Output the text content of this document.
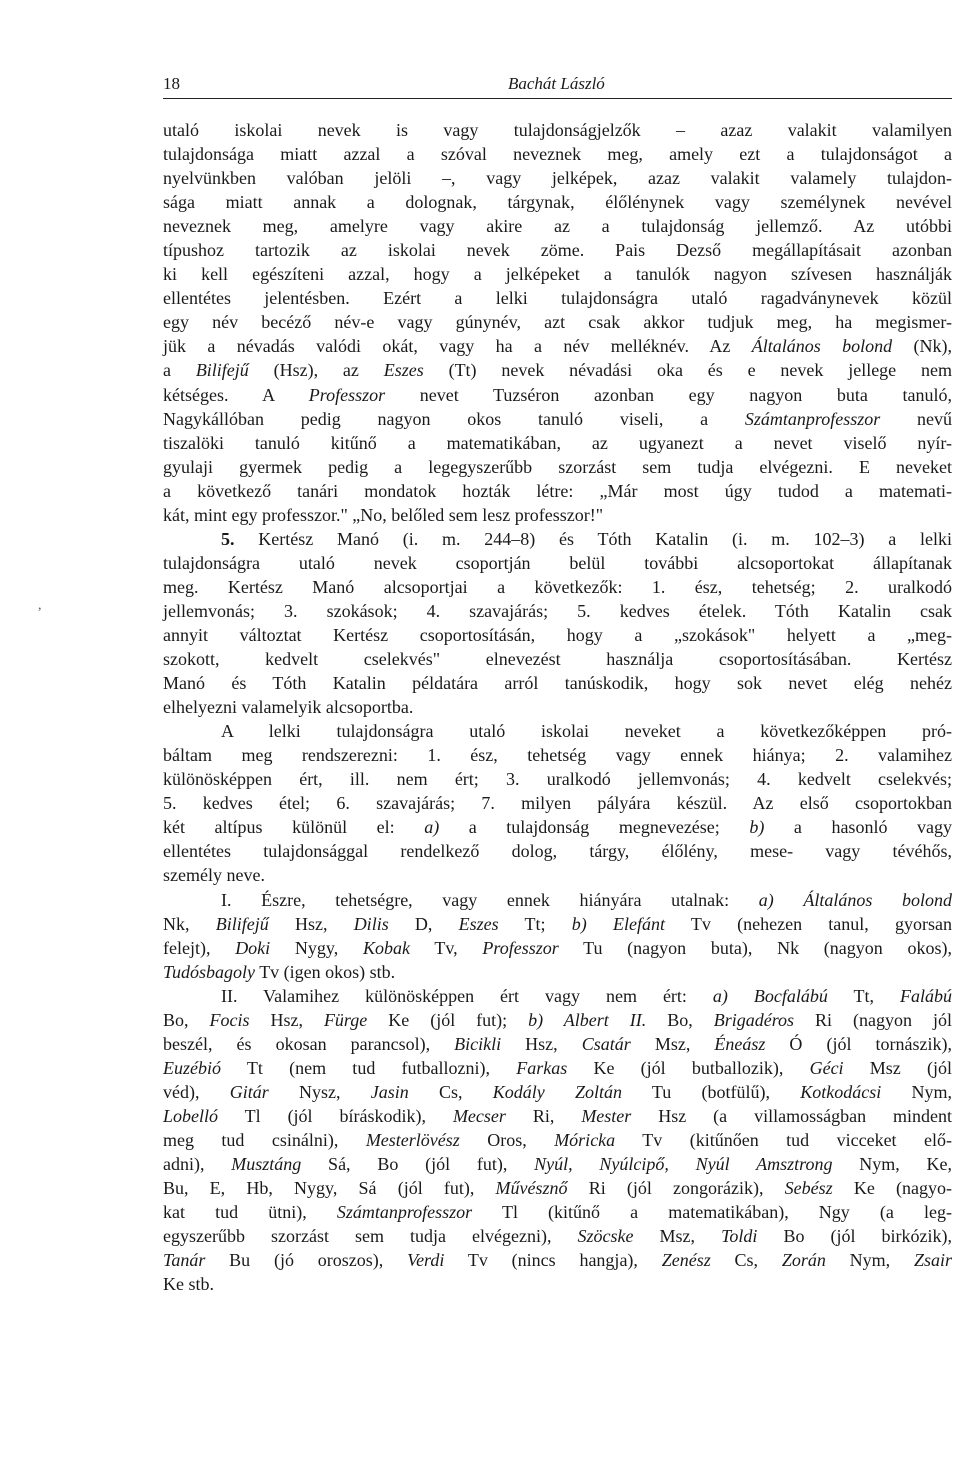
18	Bachát László
utaló iskolai nevek is vagy tulajdonságjelzők – azaz valakit valamilyen
tulajdonsága miatt azzal a szóval neveznek meg, amely ezt a tulajdonságot a
nyelvünkben valóban jelöli –, vagy jelképek, azaz valakit valamely tulajdon-
sága miatt annak a dolognak, tárgynak, élőlénynek vagy személynek nevével
neveznek meg, amelyre vagy akire az a tulajdonság jellemző. Az utóbbi
típushoz tartozik az iskolai nevek zöme. Pais Dezső megállapításait azonban
ki kell egészíteni azzal, hogy a jelképeket a tanulók nagyon szívesen használják
ellentétes jelentésben. Ezért a lelki tulajdonságra utaló ragadványnevek közül
egy név becéző név-e vagy gúnynév, azt csak akkor tudjuk meg, ha megismer-
jük a névadás valódi okát, vagy ha a név melléknév. Az Általános bolond (Nk),
a Bilifejű (Hsz), az Eszes (Tt) nevek névadási oka és e nevek jellege nem
kétséges. A Professzor nevet Tuzséron azonban egy nagyon buta tanuló,
Nagykállóban pedig nagyon okos tanuló viseli, a Számtanprofesszor nevű
tiszalöki tanuló kitűnő a matematikában, az ugyanezt a nevet viselő nyír-
gyulaji gyermek pedig a legegyszerűbb szorzást sem tudja elvégezni. E neveket
a következő tanári mondatok hozták létre: „Már most úgy tudod a matemati-
kát, mint egy professzor." „No, belőled sem lesz professzor!"
5. Kertész Manó (i. m. 244–8) és Tóth Katalin (i. m. 102–3) a lelki
tulajdonságra utaló nevek csoportján belül további alcsoportokat állapítanak
meg. Kertész Manó alcsoportjai a következők: 1. ész, tehetség; 2. uralkodó
jellemvonás; 3. szokások; 4. szavajárás; 5. kedves ételek. Tóth Katalin csak
annyit változtat Kertész csoportosításán, hogy a „szokások" helyett a „meg-
szokott, kedvelt cselekvés" elnevezést használja csoportosításában. Kertész
Manó és Tóth Katalin példatára arról tanúskodik, hogy sok nevet elég nehéz
elhelyezni valamelyik alcsoportba.
A lelki tulajdonságra utaló iskolai neveket a következőképpen pró-
báltam meg rendszerezni: 1. ész, tehetség vagy ennek hiánya; 2. valamihez
különösképpen ért, ill. nem ért; 3. uralkodó jellemvonás; 4. kedvelt cselekvés;
5. kedves étel; 6. szavajárás; 7. milyen pályára készül. Az első csoportokban
két altípus különül el: a) a tulajdonság megnevezése; b) a hasonló vagy
ellentétes tulajdonsággal rendelkező dolog, tárgy, élőlény, mese- vagy tévéhős,
személy neve.
I. Észre, tehetségre, vagy ennek hiányára utalnak: a) Általános bolond
Nk, Bilifejű Hsz, Dilis D, Eszes Tt; b) Elefánt Tv (nehezen tanul, gyorsan
felejt), Doki Nygy, Kobak Tv, Professzor Tu (nagyon buta), Nk (nagyon okos),
Tudósbagoly Tv (igen okos) stb.
II. Valamihez különösképpen ért vagy nem ért: a) Bocfalábú Tt, Falábú
Bo, Focis Hsz, Fürge Ke (jól fut); b) Albert II. Bo, Brigadéros Ri (nagyon jól
beszél, és okosan parancsol), Bicikli Hsz, Csatár Msz, Éneász Ó (jól tornászik),
Euzébió Tt (nem tud futballozni), Farkas Ke (jól butballozik), Géci Msz (jól
véd), Gitár Nysz, Jasin Cs, Kodály Zoltán Tu (botfülű), Kotkodácsi Nym,
Lobelló Tl (jól bíráskodik), Mecser Ri, Mester Hsz (a villamosságban mindent
meg tud csinálni), Mesterlövész Oros, Móricka Tv (kitűnően tud vicceket elő-
adni), Musztáng Sá, Bo (jól fut), Nyúl, Nyúlcipő, Nyúl Amsztrong Nym, Ke,
Bu, E, Hb, Nygy, Sá (jól fut), Művésznő Ri (jól zongorázik), Sebész Ke (nagyo-
kat tud ütni), Számtanprofesszor Tl (kitűnő a matematikában), Ngy (a leg-
egyszerűbb szorzást sem tudja elvégezni), Szöcske Msz, Toldi Bo (jól birkózik),
Tanár Bu (jó oroszos), Verdi Tv (nincs hangja), Zenész Cs, Zorán Nym, Zsair
Ke stb.
,
